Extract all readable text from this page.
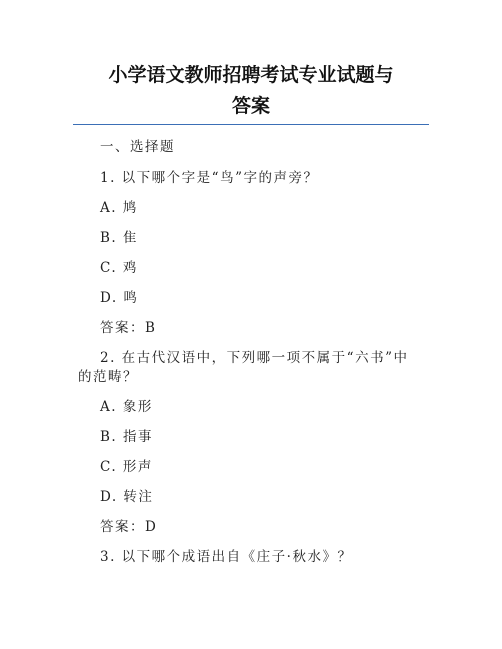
小学语文教师招聘考试专业试题与
答案

一、选择题

1. 以下哪个字是“鸟”字的声旁？

A. 鸠

B. 隹

C. 鸡

D. 鸣

答案：B

2. 在古代汉语中，下列哪一项不属于“六书”中

的范畴？

A. 象形

B. 指事

C. 形声

D. 转注

答案：D

3. 以下哪个成语出自《庄子·秋水》？
